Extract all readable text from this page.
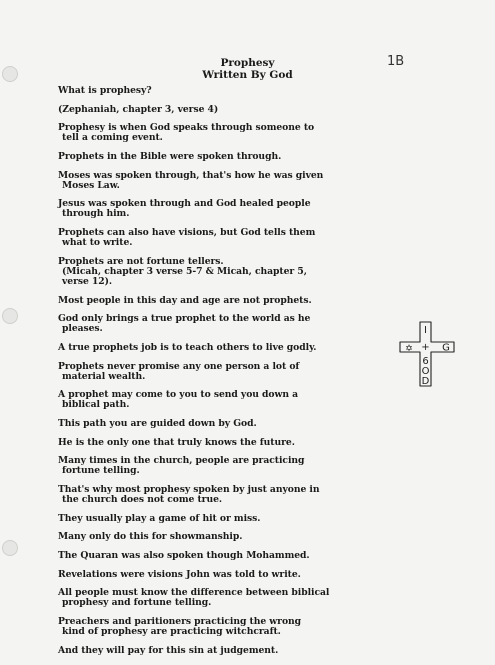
1B
Prophesy
Written By God
What is prophesy?
(Zephaniah, chapter 3, verse 4)
Prophesy is when God speaks through someone to
tell a coming event.
Prophets in the Bible were spoken through.
Moses was spoken through, that's how he was given
Moses Law.
Jesus was spoken through and God healed people
through him.
Prophets can also have visions, but God tells them
what to write.
Prophets are not fortune tellers.
(Micah, chapter 3 verse 5-7 & Micah, chapter 5,
verse 12).
Most people in this day and age are not prophets.
God only brings a true prophet to the world as he
pleases.
A true prophets job is to teach others to live godly.
Prophets never promise any one person a lot of
material wealth.
A prophet may come to you to send you down a
biblical path.
This path you are guided down by God.
He is the only one that truly knows the future.
Many times in the church, people are practicing
fortune telling.
That's why most prophesy spoken by just anyone in
the church does not come true.
They usually play a game of hit or miss.
Many only do this for showmanship.
The Quaran was also spoken though Mohammed.
Revelations were visions John was told to write.
All people must know the difference between biblical
prophesy and fortune telling.
Preachers and paritioners practicing the wrong
kind of prophesy are practicing witchcraft.
And they will pay for this sin at judgement.
I
+ G
6
O
D
✡
